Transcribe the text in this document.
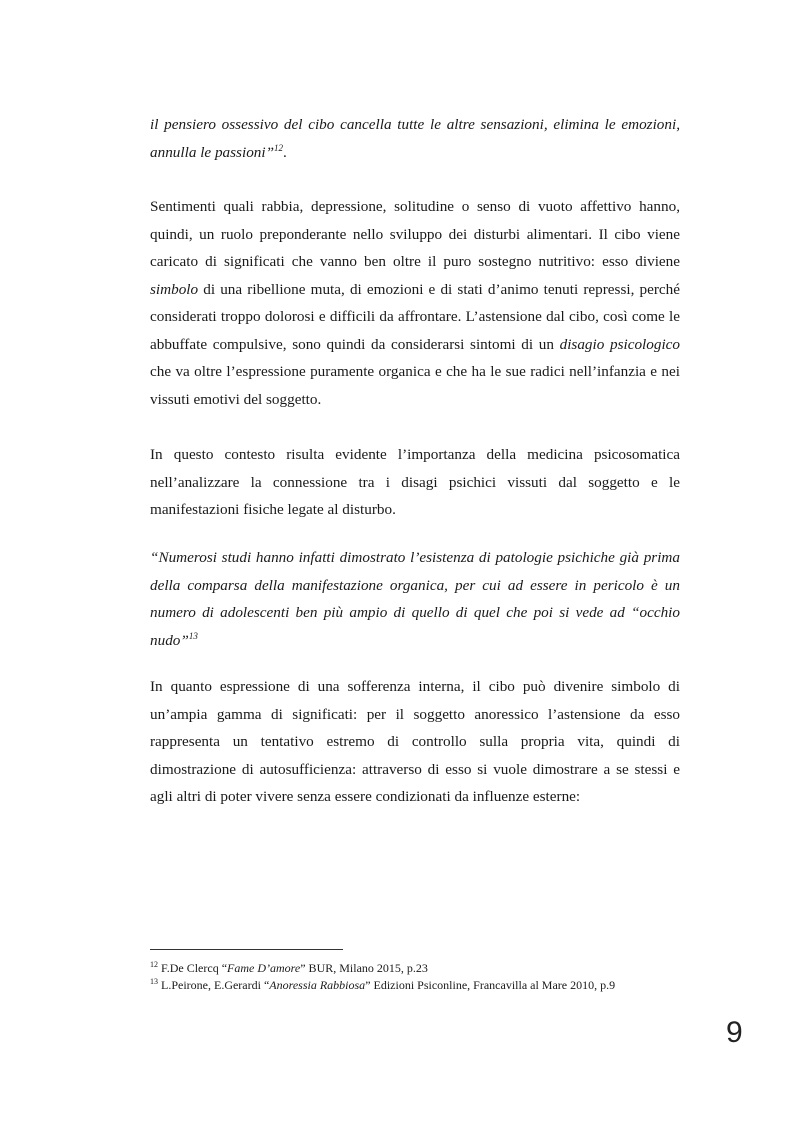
il pensiero ossessivo del cibo cancella tutte le altre sensazioni, elimina le emozioni, annulla le passioni”$^{12}$.

Sentimenti quali rabbia, depressione, solitudine o senso di vuoto affettivo hanno, quindi, un ruolo preponderante nello sviluppo dei disturbi alimentari. Il cibo viene caricato di significati che vanno ben oltre il puro sostegno nutritivo: esso diviene simbolo di una ribellione muta, di emozioni e di stati d’animo tenuti repressi, perché considerati troppo dolorosi e difficili da affrontare. L’astensione dal cibo, così come le abbuffate compulsive, sono quindi da considerarsi sintomi di un disagio psicologico che va oltre l’espressione puramente organica e che ha le sue radici nell’infanzia e nei vissuti emotivi del soggetto.

In questo contesto risulta evidente l’importanza della medicina psicosomatica nell’analizzare la connessione tra i disagi psichici vissuti dal soggetto e le manifestazioni fisiche legate al disturbo.

“Numerosi studi hanno infatti dimostrato l’esistenza di patologie psichiche già prima della comparsa della manifestazione organica, per cui ad essere in pericolo è un numero di adolescenti ben più ampio di quello di quel che poi si vede ad “occhio nudo”$^{13}$

In quanto espressione di una sofferenza interna, il cibo può divenire simbolo di un’ampia gamma di significati: per il soggetto anoressico l’astensione da esso rappresenta un tentativo estremo di controllo sulla propria vita, quindi di dimostrazione di autosufficienza: attraverso di esso si vuole dimostrare a se stessi e agli altri di poter vivere senza essere condizionati da influenze esterne:

$^{12}$ F.De Clercq “Fame D’amore” BUR, Milano 2015, p.23
$^{13}$ L.Peirone, E.Gerardi “Anoressia Rabbiosa” Edizioni Psiconline, Francavilla al Mare 2010, p.9
9
